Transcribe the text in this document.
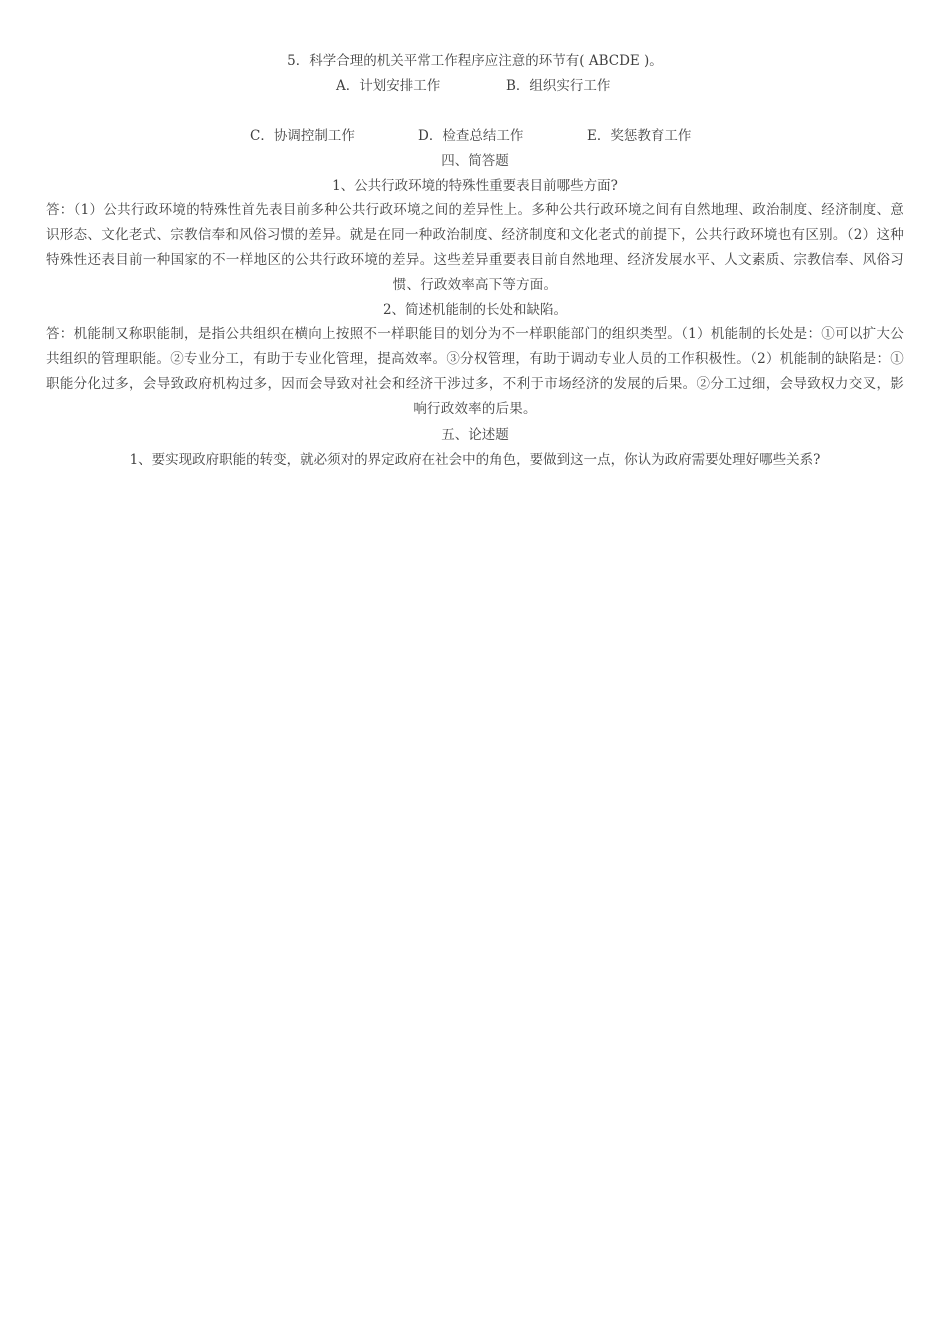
5．科学合理的机关平常工作程序应注意的环节有( ABCDE )。
A．计划安排工作	B．组织实行工作
C．协调控制工作	D．检查总结工作	E．奖惩教育工作
四、简答题
1、公共行政环境的特殊性重要表目前哪些方面?
答：（1）公共行政环境的特殊性首先表目前多种公共行政环境之间的差异性上。多种公共行政环境之间有自然地理、政治制度、经济制度、意识形态、文化老式、宗教信奉和风俗习惯的差异。就是在同一种政治制度、经济制度和文化老式的前提下，公共行政环境也有区别。（2）这种特殊性还表目前一种国家的不一样地区的公共行政环境的差异。这些差异重要表目前自然地理、经济发展水平、人文素质、宗教信奉、风俗习惯、行政效率高下等方面。
2、简述机能制的长处和缺陷。
答：机能制又称职能制，是指公共组织在横向上按照不一样职能目的划分为不一样职能部门的组织类型。（1）机能制的长处是：①可以扩大公共组织的管理职能。②专业分工，有助于专业化管理，提高效率。③分权管理，有助于调动专业人员的工作积极性。（2）机能制的缺陷是：①职能分化过多，会导致政府机构过多，因而会导致对社会和经济干涉过多，不利于市场经济的发展的后果。②分工过细，会导致权力交叉，影响行政效率的后果。
五、论述题
1、要实现政府职能的转变，就必须对的界定政府在社会中的角色，要做到这一点，你认为政府需要处理好哪些关系?
